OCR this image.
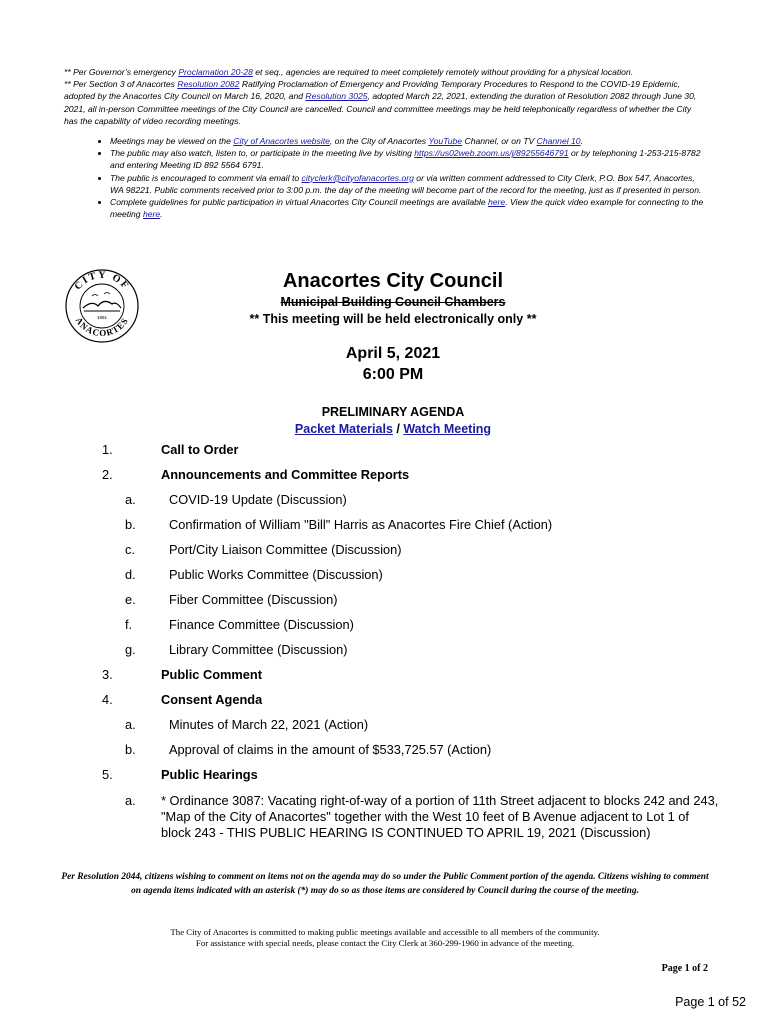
** Per Governor’s emergency Proclamation 20-28 et seq., agencies are required to meet completely remotely without providing for a physical location.

** Per Section 3 of Anacortes Resolution 2082 Ratifying Proclamation of Emergency and Providing Temporary Procedures to Respond to the COVID-19 Epidemic, adopted by the Anacortes City Council on March 16, 2020, and Resolution 3025, adopted March 22, 2021, extending the duration of Resolution 2082 through June 30, 2021, all in-person Committee meetings of the City Council are cancelled. Council and committee meetings may be held telephonically regardless of whether the City has the capability of video recording meetings.

• Meetings may be viewed on the City of Anacortes website, on the City of Anacortes YouTube Channel, or on TV Channel 10.
• The public may also watch, listen to, or participate in the meeting live by visiting https://us02web.zoom.us/j/89255646791 or by telephoning 1-253-215-8782 and entering Meeting ID 892 5564 6791.
• The public is encouraged to comment via email to cityclerk@cityofanacortes.org or via written comment addressed to City Clerk, P.O. Box 547, Anacortes, WA 98221. Public comments received prior to 3:00 p.m. the day of the meeting will become part of the record for the meeting, just as if presented in person.
• Complete guidelines for public participation in virtual Anacortes City Council meetings are available here. View the quick video example for connecting to the meeting here.
CITY OF
ANACORTES
1891
Anacortes City Council
Municipal Building Council Chambers
** This meeting will be held electronically only **
April 5, 2021
6:00 PM
PRELIMINARY AGENDA
Packet Materials / Watch Meeting
1.	Call to Order
2.	Announcements and Committee Reports
a.	COVID-19 Update (Discussion)
b.	Confirmation of William "Bill" Harris as Anacortes Fire Chief (Action)
c.	Port/City Liaison Committee (Discussion)
d.	Public Works Committee (Discussion)
e.	Fiber Committee (Discussion)
f.	Finance Committee (Discussion)
g.	Library Committee (Discussion)
3.	Public Comment
4.	Consent Agenda
a.	Minutes of March 22, 2021 (Action)
b.	Approval of claims in the amount of $533,725.57 (Action)
5.	Public Hearings
a. * Ordinance 3087: Vacating right-of-way of a portion of 11th Street adjacent to blocks 242 and 243, "Map of the City of Anacortes" together with the West 10 feet of B Avenue adjacent to Lot 1 of block 243 - THIS PUBLIC HEARING IS CONTINUED TO APRIL 19, 2021 (Discussion)
Per Resolution 2044, citizens wishing to comment on items not on the agenda may do so under the Public Comment portion of the agenda. Citizens wishing to comment on agenda items indicated with an asterisk (*) may do so as those items are considered by Council during the course of the meeting.
The City of Anacortes is committed to making public meetings available and accessible to all members of the community.
For assistance with special needs, please contact the City Clerk at 360-299-1960 in advance of the meeting.
Page 1 of 2
Page 1 of 52
